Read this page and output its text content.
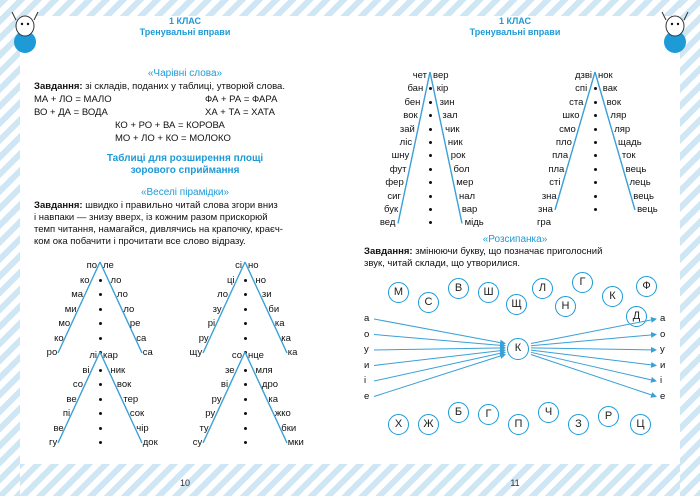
1 КЛАС
Тренувальні вправи
«Чарівні слова»
Завдання: зі складів, поданих у таблиці, утворюй слова.
МА + ЛО = МАЛО	ФА + РА = ФАРА
ВО + ДА = ВОДА	ХА + ТА = ХАТА
КО + РО + ВА = КОРОВА
МО + ЛО + КО = МОЛОКО
Таблиці для розширення площі
зорового сприймання
«Веселі пірамідки»
Завдання: швидко і правильно читай слова згори вниз
і навпаки — знизу вверх, із кожним разом прискорюй
темп читання, намагайся, дивлячись на крапочку, краєч-
ком ока побачити і прочитати все слово відразу.
по ле
ко ло
ма	ло
ми	ло
мо	ре
ко	са
ро	са
сі но
ці но
ло	зи
зу	би
рі	ка
ру	ка
щу	ка
лі кар
ві ник
со	вок
ве	тер
пі	сок
ве	чір
гу	док
со нце
зе мля
ві	дро
ру	ка
ру	жко
ту	бки
су	мки
10
1 КЛАС
Тренувальні вправи
чет вер
бан кір
бен зин
вок	зал
зай	чик
ліс	ник
шну	рок
фут	бол
фер	мер
сиг	нал
бук	вар
вед	мідь
дзві нок
спі вак
ста вок
шко	ляр
смо	ляр
пло	щадь
пла	ток
пла	вець
сті	лець
зна	вець
зна	вець
гра
«Розсипанка»
Завдання: змінюючи букву, що позначає приголосний
звук, читай склади, що утворилися.
М
С
В	Ш
Щ
Л
Н
Г
К
Ф
Д
Х	Ж
Б	Г
П
Ч
З
Р
Ц
а	а
о	о
у	у
и	и
і	і
е	е
К
11
